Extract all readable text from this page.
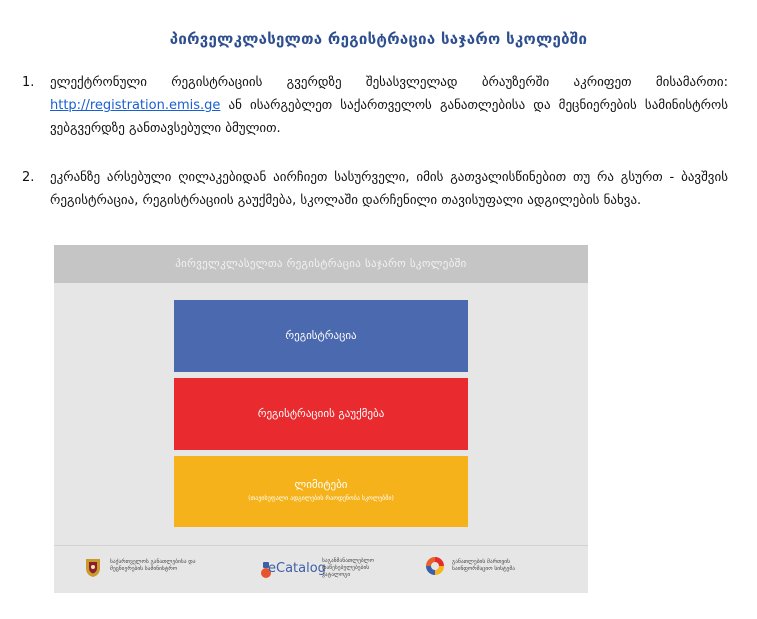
პირველკლასელთა რეგისტრაცია საჯარო სკოლებში
1.	ელექტრონული რეგისტრაციის გვერდზე შესასვლელად ბრაუზერში აკრიფეთ მისამართი: http://registration.emis.ge ან ისარგებლეთ საქართველოს განათლებისა და მეცნიერების სამინისტროს ვებგვერდზე განთავსებული ბმულით.
2.	ეკრანზე არსებული ღილაკებიდან აირჩიეთ სასურველი, იმის გათვალისწინებით თუ რა გსურთ - ბავშვის რეგისტრაცია, რეგისტრაციის გაუქმება, სკოლაში დარჩენილი თავისუფალი ადგილების ნახვა.
პირველკლასელთა რეგისტრაცია საჯარო სკოლებში
რეგისტრაცია
რეგისტრაციის გაუქმება
ლიმიტები
(თავისუფალი ადგილების რაოდენობა სკოლებში)
საქართველოს განათლებისა და მეცნიერების სამინისტრო	eCatalog
საგანმანათლებლო დაწესებულებების კატალოგი
განათლების მართვის საინფორმაციო სისტემა
